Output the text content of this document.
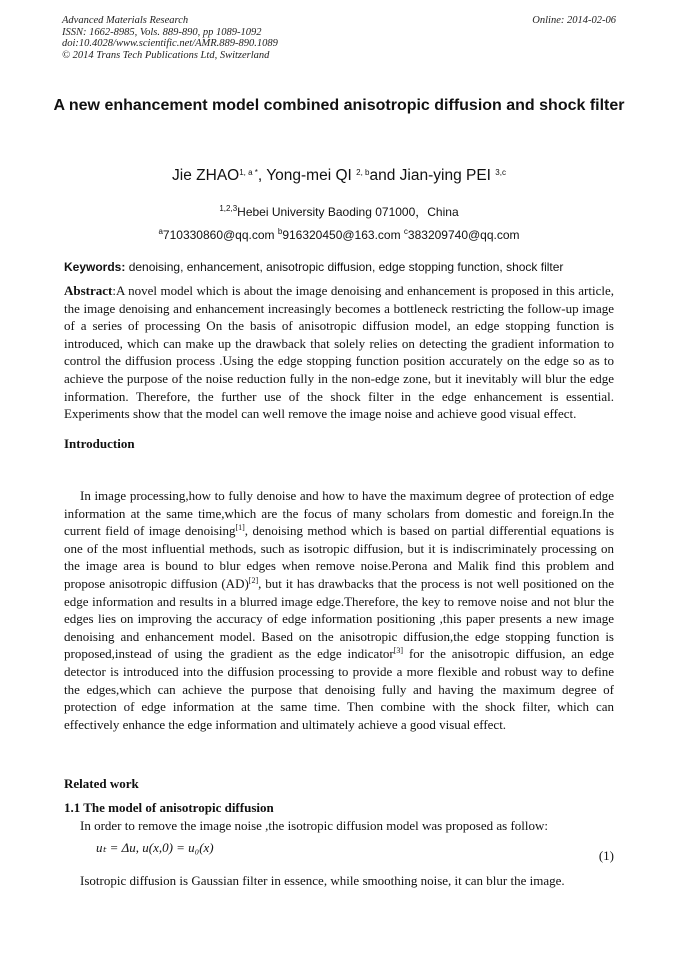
Advanced Materials Research
ISSN: 1662-8985, Vols. 889-890, pp 1089-1092
doi:10.4028/www.scientific.net/AMR.889-890.1089
© 2014 Trans Tech Publications Ltd, Switzerland
Online: 2014-02-06
A new enhancement model combined anisotropic diffusion and shock filter
Jie $ZHAO^{1, a *}$, Yong-mei QI $^{2,}$ $^b$and Jian-ying PEI $^{3,c}$
$^{1,2,3}$Hebei University Baoding 071000，China
$^a$710330860@qq.com $^b$916320450@163.com $^c$383209740@qq.com
Keywords: denoising, enhancement, anisotropic diffusion, edge stopping function, shock filter
Abstract:A novel model which is about the image denoising and enhancement is proposed in this article, the image denoising and enhancement increasingly becomes a bottleneck restricting the follow-up image of a series of processing On the basis of anisotropic diffusion model, an edge stopping function is introduced, which can make up the drawback that solely relies on detecting the gradient information to control the diffusion process .Using the edge stopping function position accurately on the edge so as to achieve the purpose of the noise reduction fully in the non-edge zone, but it inevitably will blur the edge information. Therefore, the further use of the shock filter in the edge enhancement is essential. Experiments show that the model can well remove the image noise and achieve good visual effect.
Introduction
In image processing,how to fully denoise and how to have the maximum degree of protection of edge information at the same time,which are the focus of many scholars from domestic and foreign.In the current field of image denoising[1], denoising method which is based on partial differential equations is one of the most influential methods, such as isotropic diffusion, but it is indiscriminately processing on the image area is bound to blur edges when remove noise.Perona and Malik find this problem and propose anisotropic diffusion (AD)[2], but it has drawbacks that the process is not well positioned on the edge information and results in a blurred image edge.Therefore, the key to remove noise and not blur the edges lies on improving the accuracy of edge information positioning ,this paper presents a new image denoising and enhancement model. Based on the anisotropic diffusion,the edge stopping function is proposed,instead of using the gradient as the edge indicator[3] for the anisotropic diffusion, an edge detector is introduced into the diffusion processing to provide a more flexible and robust way to define the edges,which can achieve the purpose that denoising fully and having the maximum degree of protection of edge information at the same time. Then combine with the shock filter, which can effectively enhance the edge information and ultimately achieve a good visual effect.
Related work
1.1 The model of anisotropic diffusion
In order to remove the image noise ,the isotropic diffusion model was proposed as follow:
uₜ = Δu, u(x,0) = u₀(x)
(1)
Isotropic diffusion is Gaussian filter in essence, while smoothing noise, it can blur the image.
